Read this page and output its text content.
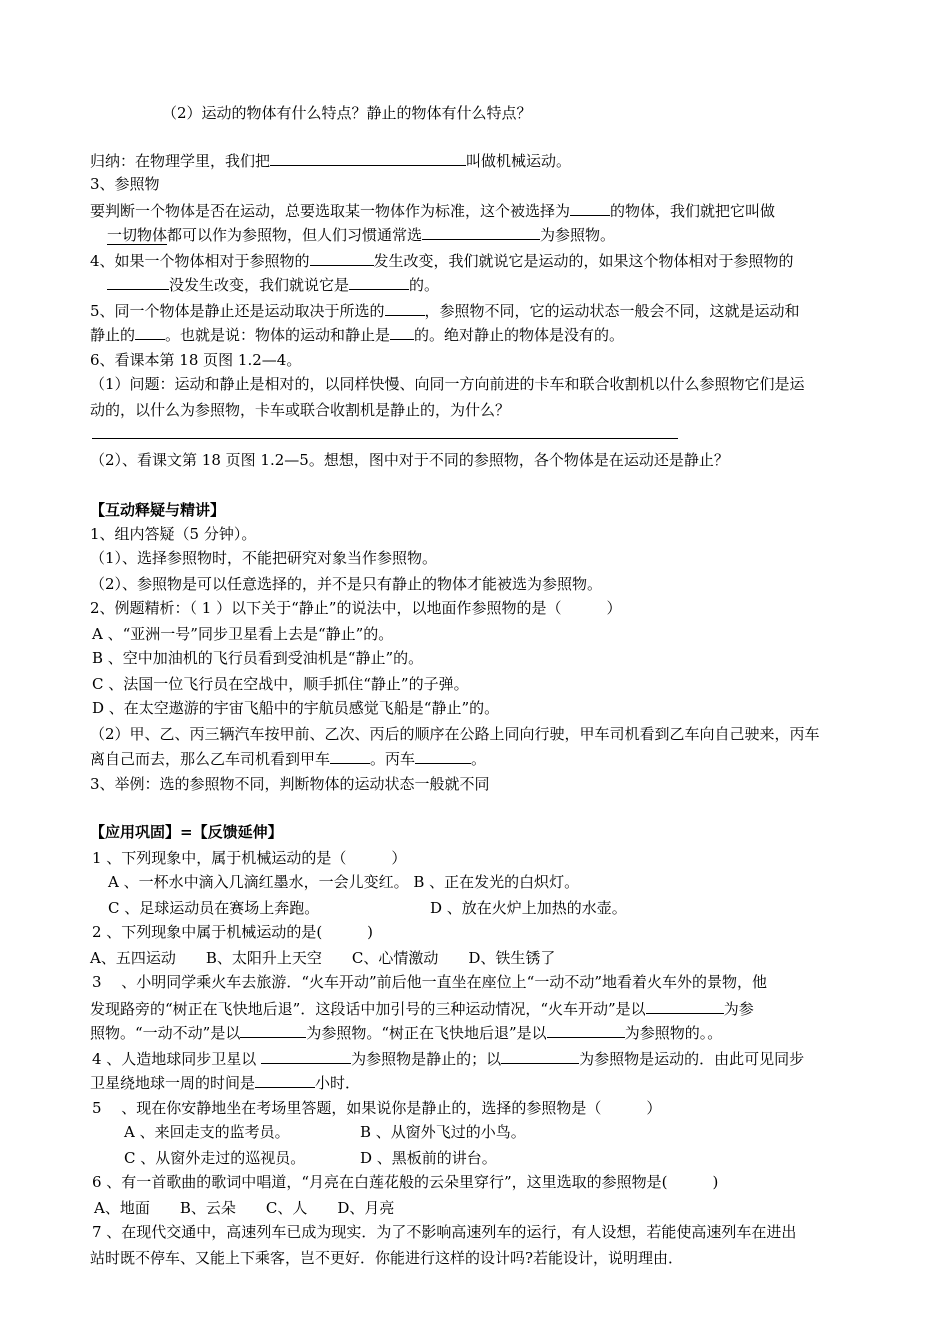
（2）运动的物体有什么特点？静止的物体有什么特点？
归纳：在物理学里，我们把	叫做机械运动。
3、参照物
要判断一个物体是否在运动，总要选取某一物体作为标准，这个被选择为	的物体，我们就把它叫做
一切物体都可以作为参照物，但人们习惯通常选	为参照物。
4、如果一个物体相对于参照物的	发生改变，我们就说它是运动的，如果这个物体相对于参照物的
没发生改变，我们就说它是	的。
5、同一个物体是静止还是运动取决于所选的	，参照物不同，它的运动状态一般会不同，这就是运动和
静止的 。也就是说：物体的运动和静止是 的。绝对静止的物体是没有的。
6、看课本第 18 页图 1.2—4。
（1）问题：运动和静止是相对的，以同样快慢、向同一方向前进的卡车和联合收割机以什么参照物它们是运
动的，以什么为参照物，卡车或联合收割机是静止的，为什么？
（2）、看课文第 18 页图 1.2—5。想想，图中对于不同的参照物，各个物体是在运动还是静止？
【互动释疑与精讲】
1、组内答疑（5 分钟）。
（1）、选择参照物时，不能把研究对象当作参照物。
（2）、参照物是可以任意选择的，并不是只有静止的物体才能被选为参照物。
2、例题精析：（ 1 ）以下关于“静止”的说法中，以地面作参照物的是（　　　）
A 、“亚洲一号”同步卫星看上去是“静止”的。
B 、空中加油机的飞行员看到受油机是“静止”的。
C 、法国一位飞行员在空战中，顺手抓住“静止”的子弹。
D 、在太空遨游的宇宙飞船中的宇航员感觉飞船是“静止”的。
（2）甲、乙、丙三辆汽车按甲前、乙次、丙后的顺序在公路上同向行驶，甲车司机看到乙车向自己驶来，丙车
离自己而去，那么乙车司机看到甲车	。丙车	。
3、举例：选的参照物不同，判断物体的运动状态一般就不同
【应用巩固】=【反馈延伸】
1 、下列现象中，属于机械运动的是（　　　）
A 、一杯水中滴入几滴红墨水，一会儿变红。 B 、正在发光的白炽灯。
C 、足球运动员在赛场上奔跑。	D 、放在火炉上加热的水壶。
2 、下列现象中属于机械运动的是(　　　)
A、五四运动　　B、太阳升上天空　　C、心情激动　　D、铁生锈了
3 　、小明同学乘火车去旅游．“火车开动”前后他一直坐在座位上“一动不动”地看着火车外的景物，他
发现路旁的“树正在飞快地后退”．这段话中加引号的三种运动情况，“火车开动”是以	为参
照物。“一动不动”是以	为参照物。“树正在飞快地后退”是以	为参照物的。。
4 、人造地球同步卫星以	为参照物是静止的；以	为参照物是运动的．由此可见同步
卫星绕地球一周的时间是	小时．
5 　、现在你安静地坐在考场里答题，如果说你是静止的，选择的参照物是（　　　）
A 、来回走支的监考员。	B 、从窗外飞过的小鸟。
C 、从窗外走过的巡视员。	D 、黑板前的讲台。
6 、有一首歌曲的歌词中唱道，“月亮在白莲花般的云朵里穿行”，这里选取的参照物是(　　　)
A、地面　　B、云朵　　C、人　　D、月亮
7 、在现代交通中，高速列车已成为现实．为了不影响高速列车的运行，有人设想，若能使高速列车在进出
站时既不停车、又能上下乘客，岂不更好．你能进行这样的设计吗?若能设计，说明理由．
